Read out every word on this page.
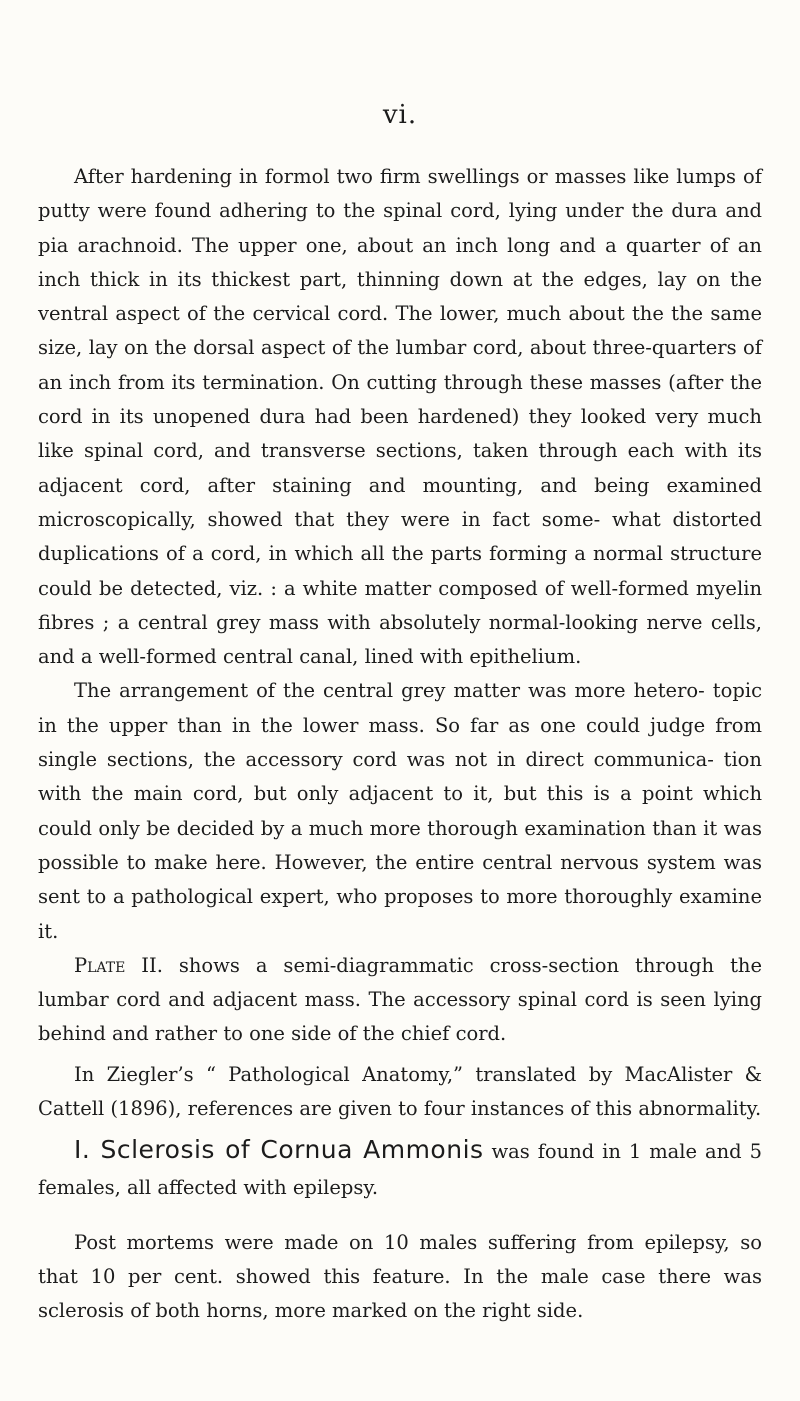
vi.

After hardening in formol two firm swellings or masses like lumps of putty were found adhering to the spinal cord, lying under the dura and pia arachnoid. The upper one, about an inch long and a quarter of an inch thick in its thickest part, thinning down at the edges, lay on the ventral aspect of the cervical cord. The lower, much about the the same size, lay on the dorsal aspect of the lumbar cord, about three-quarters of an inch from its termination. On cutting through these masses (after the cord in its unopened dura had been hardened) they looked very much like spinal cord, and transverse sections, taken through each with its adjacent cord, after staining and mounting, and being examined microscopically, showed that they were in fact some- what distorted duplications of a cord, in which all the parts forming a normal structure could be detected, viz. : a white matter composed of well-formed myelin fibres ; a central grey mass with absolutely normal-looking nerve cells, and a well-formed central canal, lined with epithelium.

The arrangement of the central grey matter was more hetero- topic in the upper than in the lower mass. So far as one could judge from single sections, the accessory cord was not in direct communica- tion with the main cord, but only adjacent to it, but this is a point which could only be decided by a much more thorough examination than it was possible to make here. However, the entire central nervous system was sent to a pathological expert, who proposes to more thoroughly examine it.

Plate II. shows a semi-diagrammatic cross-section through the lumbar cord and adjacent mass. The accessory spinal cord is seen lying behind and rather to one side of the chief cord.

In Ziegler’s “ Pathological Anatomy,” translated by MacAlister & Cattell (1896), references are given to four instances of this abnormality.

I. Sclerosis of Cornua Ammonis was found in 1 male and 5 females, all affected with epilepsy.

Post mortems were made on 10 males suffering from epilepsy, so that 10 per cent. showed this feature. In the male case there was sclerosis of both horns, more marked on the right side.
